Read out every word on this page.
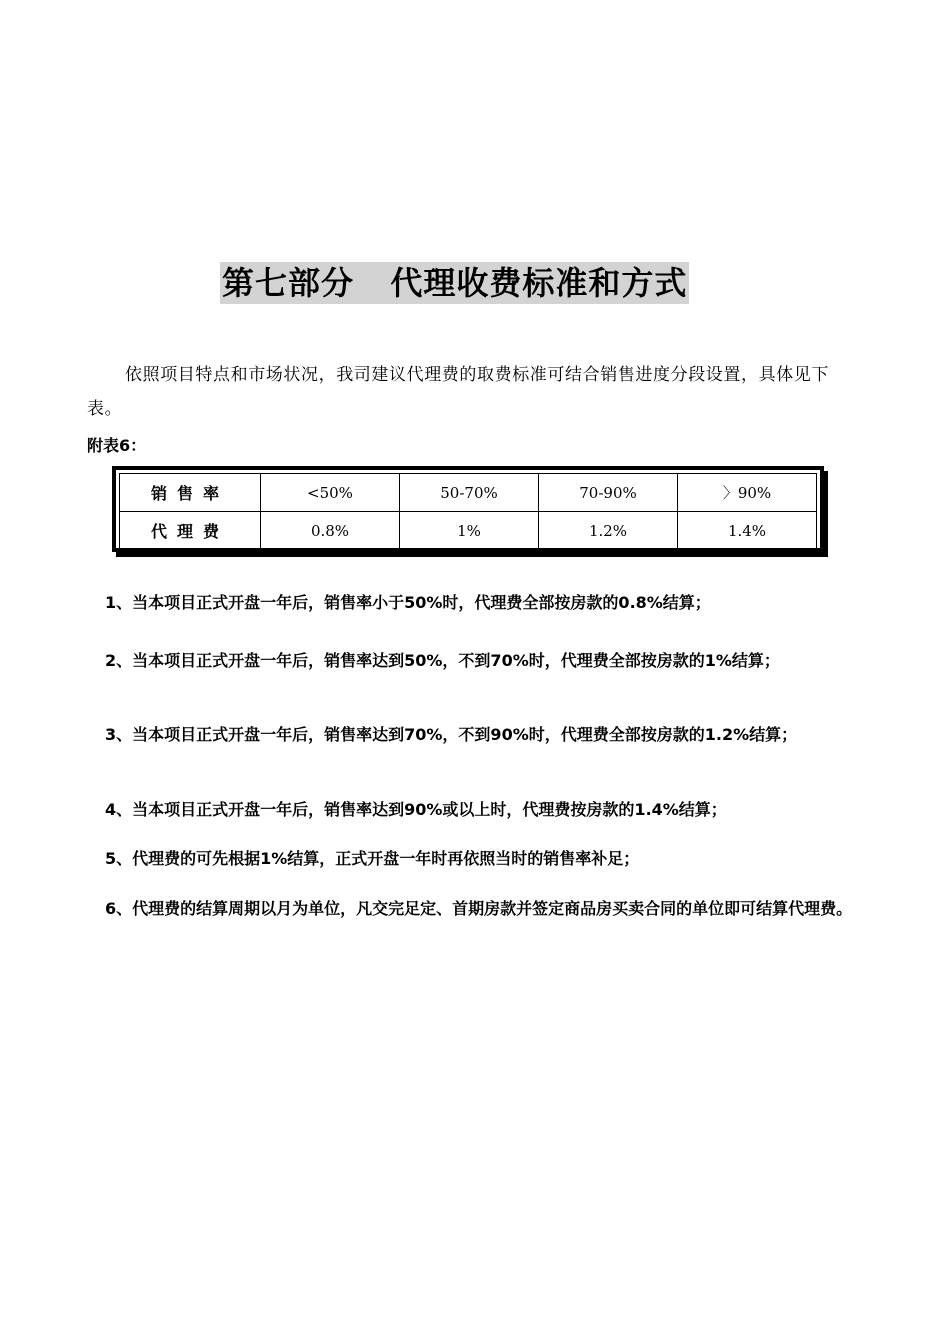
第七部分   代理收费标准和方式

依照项目特点和市场状况，我司建议代理费的取费标准可结合销售进度分段设置，具体见下表。

附表6：
销售率	<50%	50-70%	70-90%	〉90%
代理费	0.8%	1%	1.2%	1.4%

1、当本项目正式开盘一年后，销售率小于50%时，代理费全部按房款的0.8%结算；

2、当本项目正式开盘一年后，销售率达到50%，不到70%时，代理费全部按房款的1%结算；

3、当本项目正式开盘一年后，销售率达到70%，不到90%时，代理费全部按房款的1.2%结算；

4、当本项目正式开盘一年后，销售率达到90%或以上时，代理费按房款的1.4%结算；

5、代理费的可先根据1%结算，正式开盘一年时再依照当时的销售率补足；

6、代理费的结算周期以月为单位，凡交完足定、首期房款并签定商品房买卖合同的单位即可结算代理费。
